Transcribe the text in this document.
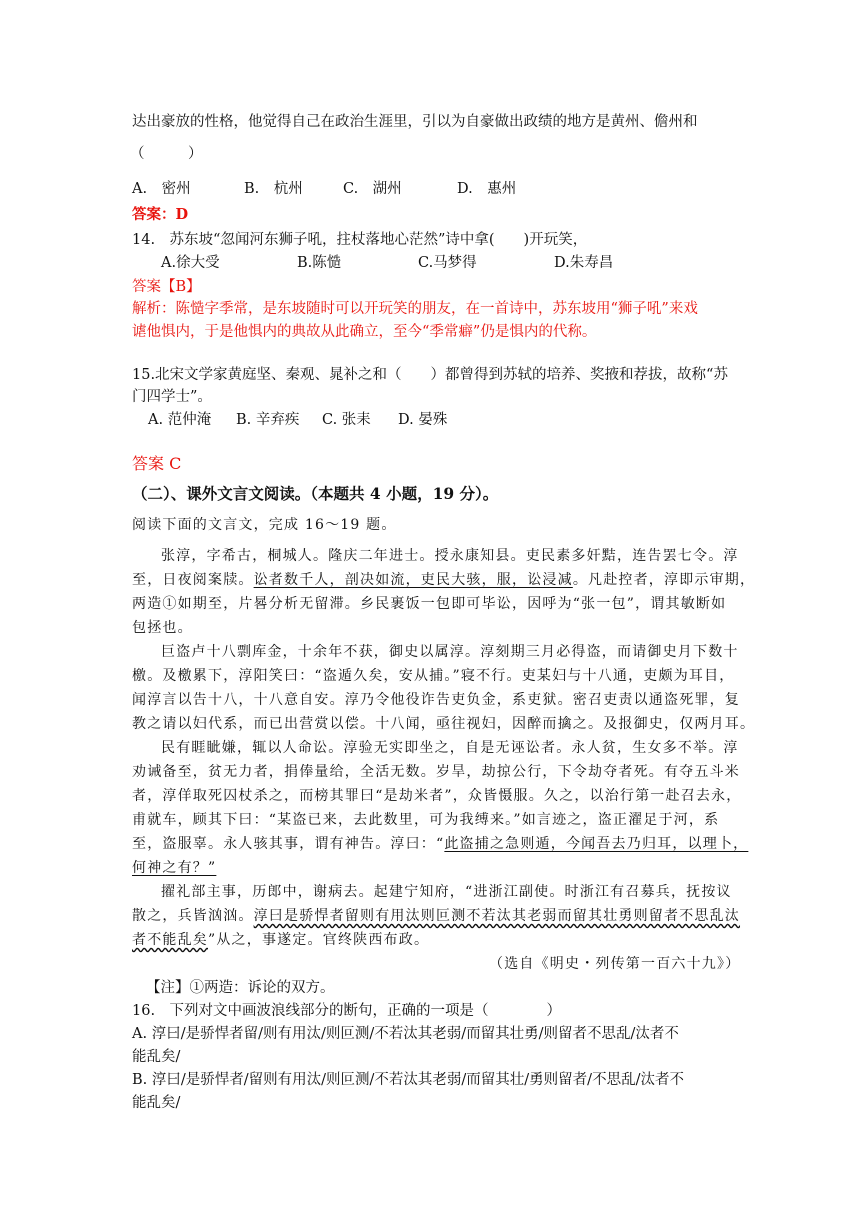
达出豪放的性格，他觉得自己在政治生涯里，引以为自豪做出政绩的地方是黄州、儋州和
（　　　）
A.　密州	B.　杭州	C.　湖州	D.　惠州
答案：D
14.　苏东坡“忽闻河东狮子吼，拄杖落地心茫然”诗中拿(　　)开玩笑，
A.徐大受	B.陈慥	C.马梦得	D.朱寿昌
答案【B】
解析：陈慥字季常，是东坡随时可以开玩笑的朋友，在一首诗中，苏东坡用“狮子吼”来戏
谑他惧内，于是他惧内的典故从此确立，至今“季常癖”仍是惧内的代称。
15.北宋文学家黄庭坚、秦观、晁补之和（　　）都曾得到苏轼的培养、奖掖和荐拔，故称“苏
门四学士”。
A. 范仲淹 B. 辛弃疾 C. 张耒 D. 晏殊
答案 C
（二）、课外文言文阅读。（本题共 4 小题，19 分）。
阅读下面的文言文，完成 16～19 题。
张淳，字希古，桐城人。隆庆二年进士。授永康知县。吏民素多奸黠，连告罢七令。淳
至，日夜阅案牍。讼者数千人，剖决如流，吏民大骇，服，讼浸减。凡赴控者，淳即示审期，
两造①如期至，片晷分析无留滞。乡民裹饭一包即可毕讼，因呼为“张一包”，谓其敏断如
包拯也。
巨盗卢十八剽库金，十余年不获，御史以属淳。淳刻期三月必得盗，而请御史月下数十
檄。及檄累下，淳阳笑曰：“盗遁久矣，安从捕。”寝不行。吏某妇与十八通，吏颇为耳目，
闻淳言以告十八，十八意自安。淳乃令他役诈告吏负金，系吏狱。密召吏责以通盗死罪，复
教之请以妇代系，而已出营赏以偿。十八闻，亟往视妇，因醉而擒之。及报御史，仅两月耳。
民有睚眦嫌，辄以人命讼。淳验无实即坐之，自是无诬讼者。永人贫，生女多不举。淳
劝诫备至，贫无力者，捐俸量给，全活无数。岁旱，劫掠公行，下令劫夺者死。有夺五斗米
者，淳佯取死囚杖杀之，而榜其罪曰“是劫米者”，众皆慑服。久之，以治行第一赴召去永，
甫就车，顾其下曰：“某盗已来，去此数里，可为我缚来。”如言迹之，盗正濯足于河，系
至，盗服辜。永人骇其事，谓有神告。淳曰：“此盗捕之急则遁，今闻吾去乃归耳，以理卜，
何神之有？”
擢礼部主事，历郎中，谢病去。起建宁知府，“进浙江副使。时浙江有召募兵，抚按议
散之，兵皆汹汹。淳曰是骄悍者留则有用汰则叵测不若汰其老弱而留其壮勇则留者不思乱汰
者不能乱矣”从之，事遂定。官终陕西布政。
（选自《明史・列传第一百六十九》）
【注】①两造：诉论的双方。
16.　下列对文中画波浪线部分的断句，正确的一项是（　　　　）
A. 淳曰/是骄悍者留/则有用汰/则叵测/不若汰其老弱/而留其壮勇/则留者不思乱/汰者不
能乱矣/
B. 淳曰/是骄悍者/留则有用汰/则叵测/不若汰其老弱/而留其壮/勇则留者/不思乱/汰者不
能乱矣/
